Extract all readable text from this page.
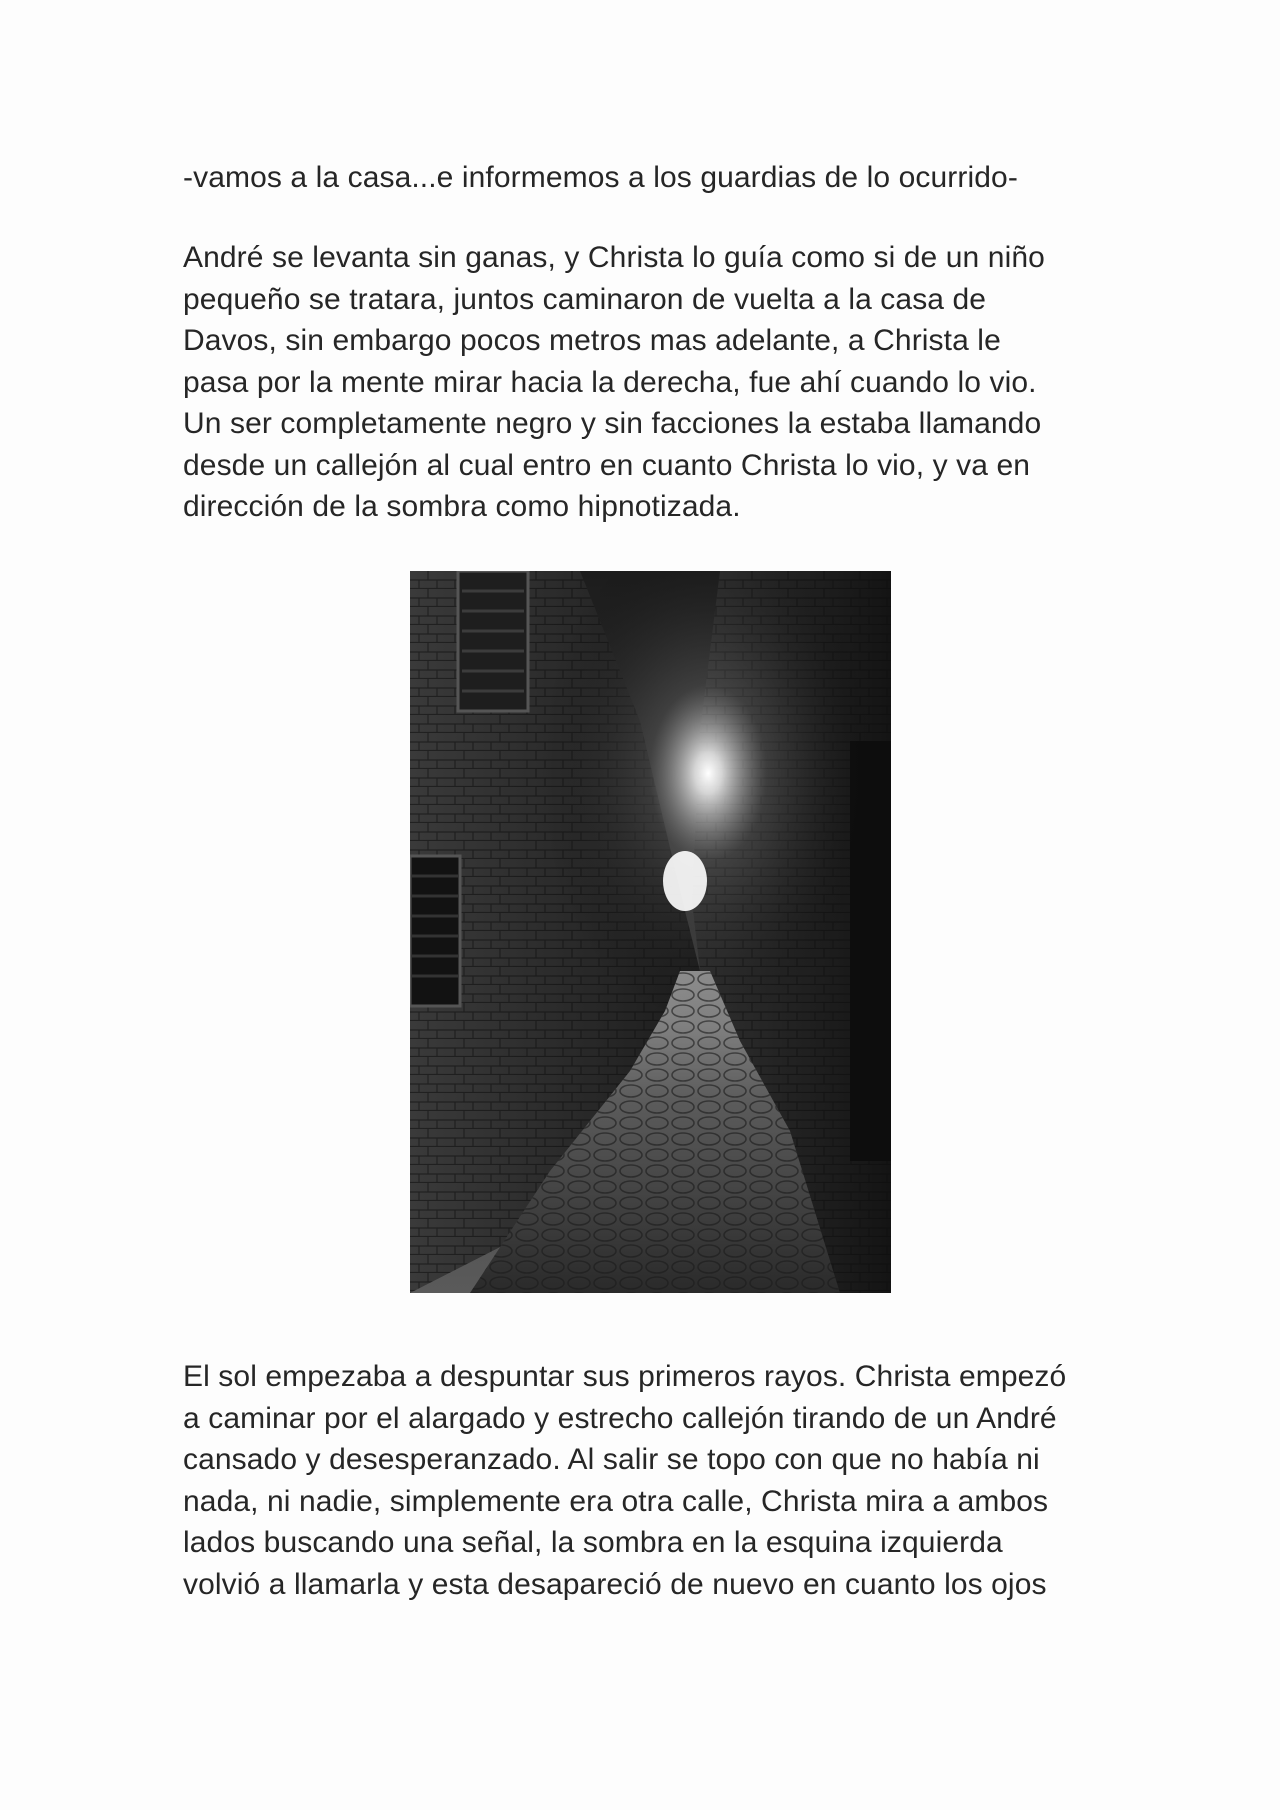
-vamos a la casa...e informemos a los guardias de lo ocurrido-
André se levanta sin ganas, y Christa lo guía como si de un niño
pequeño se tratara, juntos caminaron de vuelta a la casa de
Davos, sin embargo pocos metros mas adelante, a Christa le
pasa por la mente mirar hacia la derecha, fue ahí cuando lo vio.
Un ser completamente negro y sin facciones la estaba llamando
desde un callejón al cual entro en cuanto Christa lo vio, y va en
dirección de la sombra como hipnotizada.
El sol empezaba a despuntar sus primeros rayos. Christa empezó
a caminar por el alargado y estrecho callejón tirando de un André
cansado y desesperanzado. Al salir se topo con que no había ni
nada, ni nadie, simplemente era otra calle, Christa mira a ambos
lados buscando una señal, la sombra en la esquina izquierda
volvió a llamarla y esta desapareció de nuevo en cuanto los ojos
